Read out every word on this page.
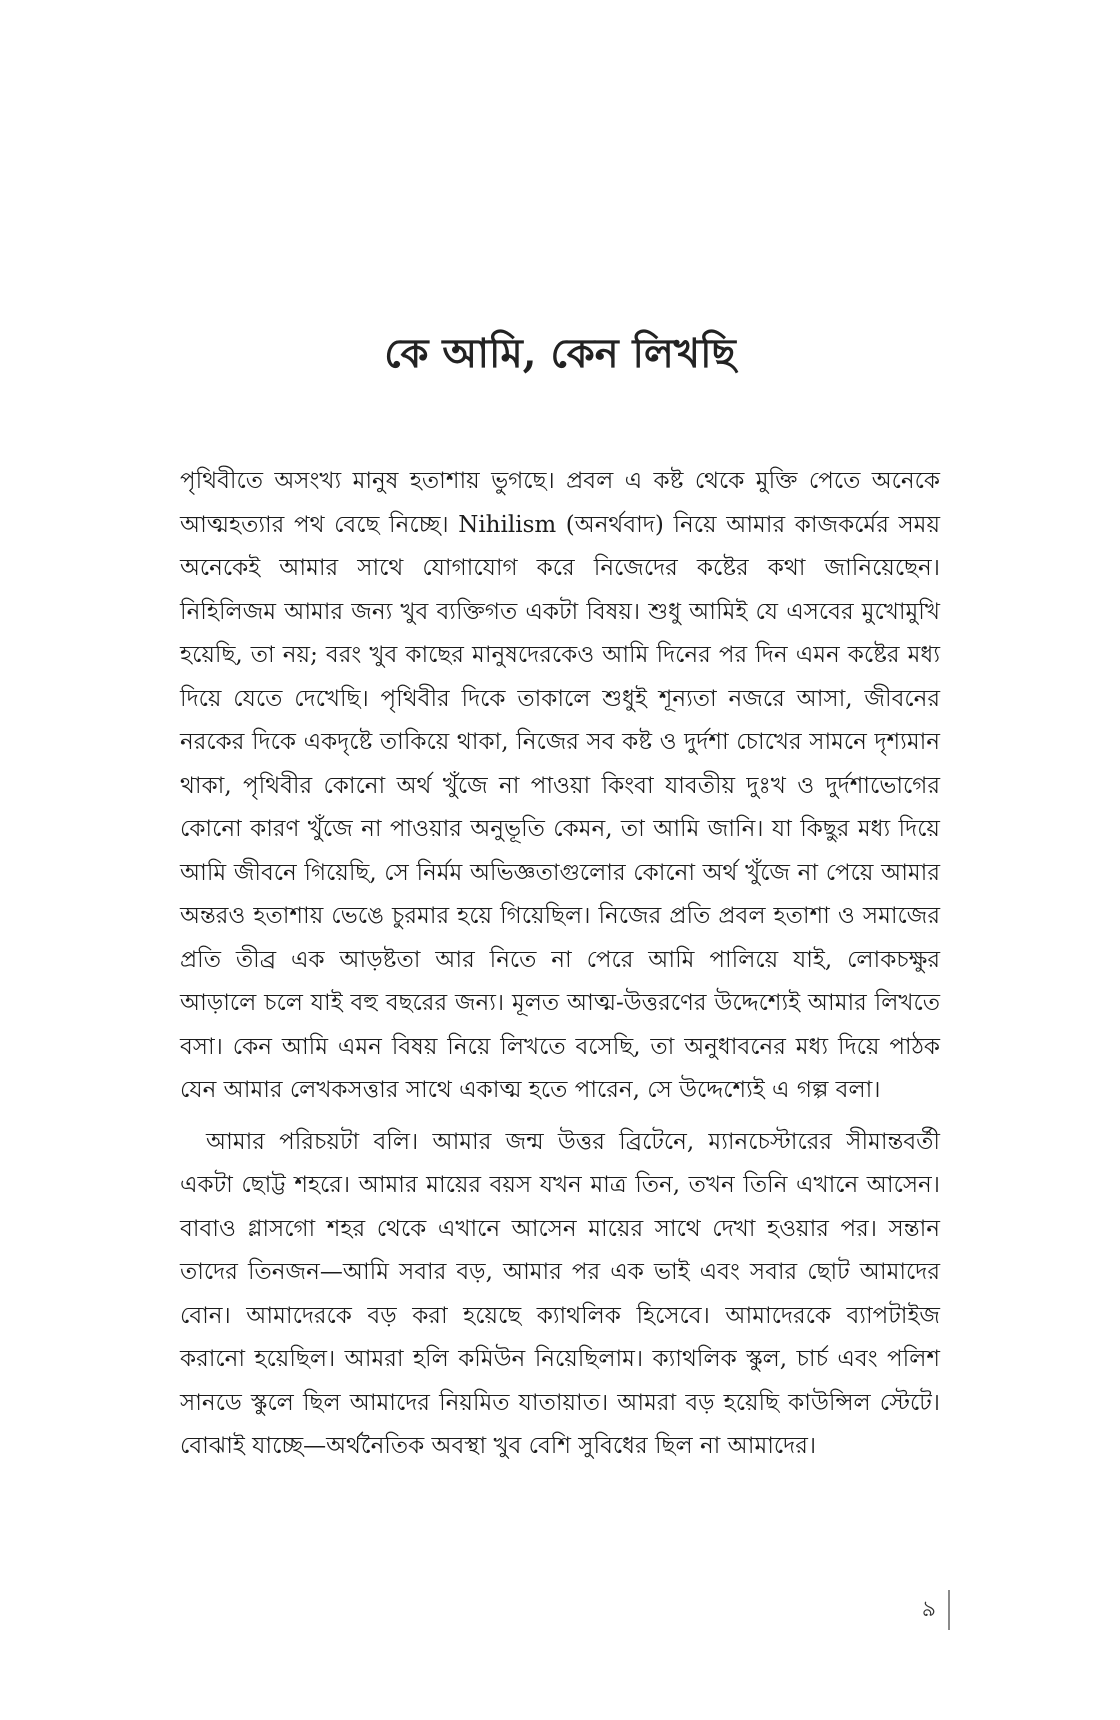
কে আমি, কেন লিখছি

পৃথিবীতে অসংখ্য মানুষ হতাশায় ভুগছে। প্রবল এ কষ্ট থেকে মুক্তি পেতে অনেকে আত্মহত্যার পথ বেছে নিচ্ছে। Nihilism (অনর্থবাদ) নিয়ে আমার কাজকর্মের সময় অনেকেই আমার সাথে যোগাযোগ করে নিজেদের কষ্টের কথা জানিয়েছেন। নিহিলিজম আমার জন্য খুব ব্যক্তিগত একটা বিষয়। শুধু আমিই যে এসবের মুখোমুখি হয়েছি, তা নয়; বরং খুব কাছের মানুষদেরকেও আমি দিনের পর দিন এমন কষ্টের মধ্য দিয়ে যেতে দেখেছি। পৃথিবীর দিকে তাকালে শুধুই শূন্যতা নজরে আসা, জীবনের নরকের দিকে একদৃষ্টে তাকিয়ে থাকা, নিজের সব কষ্ট ও দুর্দশা চোখের সামনে দৃশ্যমান থাকা, পৃথিবীর কোনো অর্থ খুঁজে না পাওয়া কিংবা যাবতীয় দুঃখ ও দুর্দশাভোগের কোনো কারণ খুঁজে না পাওয়ার অনুভূতি কেমন, তা আমি জানি। যা কিছুর মধ্য দিয়ে আমি জীবনে গিয়েছি, সে নির্মম অভিজ্ঞতাগুলোর কোনো অর্থ খুঁজে না পেয়ে আমার অন্তরও হতাশায় ভেঙে চুরমার হয়ে গিয়েছিল। নিজের প্রতি প্রবল হতাশা ও সমাজের প্রতি তীব্র এক আড়ষ্টতা আর নিতে না পেরে আমি পালিয়ে যাই, লোকচক্ষুর আড়ালে চলে যাই বহু বছরের জন্য। মূলত আত্ম-উত্তরণের উদ্দেশ্যেই আমার লিখতে বসা। কেন আমি এমন বিষয় নিয়ে লিখতে বসেছি, তা অনুধাবনের মধ্য দিয়ে পাঠক যেন আমার লেখকসত্তার সাথে একাত্ম হতে পারেন, সে উদ্দেশ্যেই এ গল্প বলা।

আমার পরিচয়টা বলি। আমার জন্ম উত্তর ব্রিটেনে, ম্যানচেস্টারের সীমান্তবর্তী একটা ছোট্ট শহরে। আমার মায়ের বয়স যখন মাত্র তিন, তখন তিনি এখানে আসেন। বাবাও গ্লাসগো শহর থেকে এখানে আসেন মায়ের সাথে দেখা হওয়ার পর। সন্তান তাদের তিনজন—আমি সবার বড়, আমার পর এক ভাই এবং সবার ছোট আমাদের বোন। আমাদেরকে বড় করা হয়েছে ক্যাথলিক হিসেবে। আমাদেরকে ব্যাপটাইজ করানো হয়েছিল। আমরা হলি কমিউন নিয়েছিলাম। ক্যাথলিক স্কুল, চার্চ এবং পলিশ সানডে স্কুলে ছিল আমাদের নিয়মিত যাতায়াত। আমরা বড় হয়েছি কাউন্সিল স্টেটে। বোঝাই যাচ্ছে—অর্থনৈতিক অবস্থা খুব বেশি সুবিধের ছিল না আমাদের।

৯
